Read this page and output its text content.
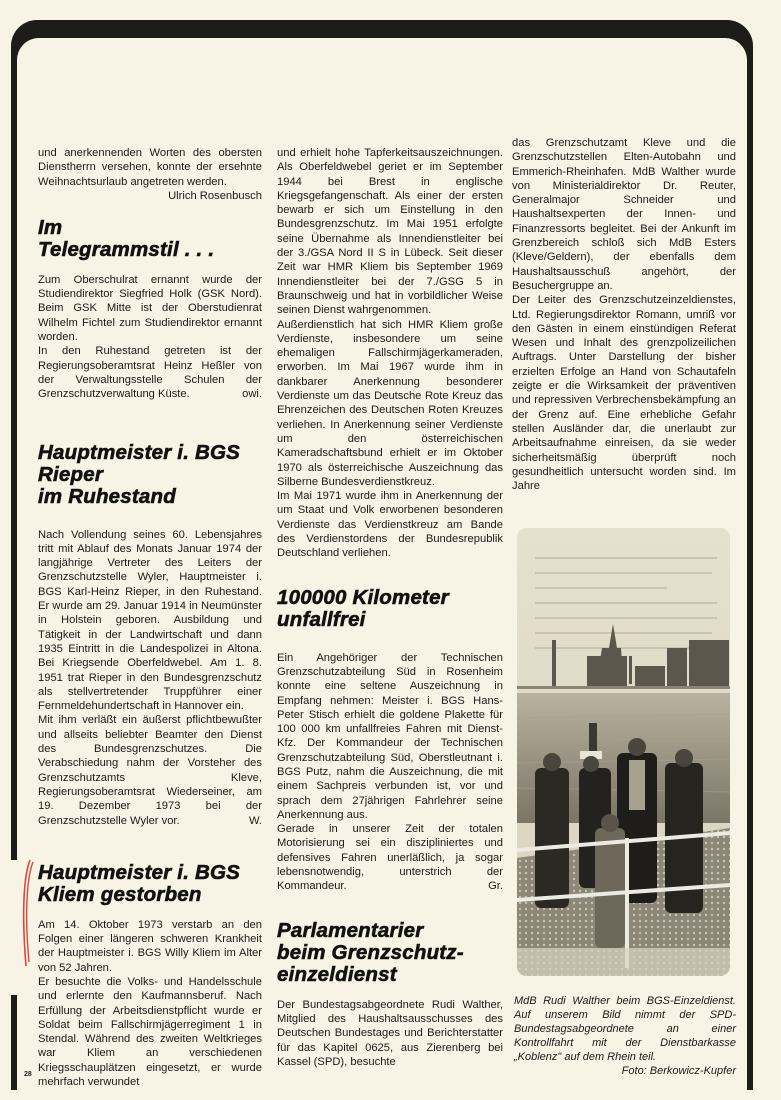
und anerkennenden Worten des obersten Dienstherrn versehen, konnte der ersehnte Weihnachtsurlaub angetreten werden.
Ulrich Rosenbusch

Im
Telegrammstil . . .

Zum Oberschulrat ernannt wurde der Studiendirektor Siegfried Holk (GSK Nord). Beim GSK Mitte ist der Oberstudienrat Wilhelm Fichtel zum Studiendirektor ernannt worden.

In den Ruhestand getreten ist der Regierungsoberamtsrat Heinz Heßler von der Verwaltungsstelle Schulen der Grenzschutzverwaltung Küste.	owi.

Hauptmeister i. BGS
Rieper
im Ruhestand

Nach Vollendung seines 60. Lebensjahres tritt mit Ablauf des Monats Januar 1974 der langjährige Vertreter des Leiters der Grenzschutzstelle Wyler, Hauptmeister i. BGS Karl-Heinz Rieper, in den Ruhestand. Er wurde am 29. Januar 1914 in Neumünster in Holstein geboren. Ausbildung und Tätigkeit in der Landwirtschaft und dann 1935 Eintritt in die Landespolizei in Altona. Bei Kriegsende Oberfeldwebel. Am 1. 8. 1951 trat Rieper in den Bundesgrenzschutz als stellvertretender Truppführer einer Fernmeldehundertschaft in Hannover ein.

Mit ihm verläßt ein äußerst pflichtbewußter und allseits beliebter Beamter den Dienst des Bundesgrenzschutzes. Die Verabschiedung nahm der Vorsteher des Grenzschutzamts Kleve, Regierungsoberamtsrat Wiederseiner, am 19. Dezember 1973 bei der Grenzschutzstelle Wyler vor.	W.

Hauptmeister i. BGS
Kliem gestorben

Am 14. Oktober 1973 verstarb an den Folgen einer längeren schweren Krankheit der Hauptmeister i. BGS Willy Kliem im Alter von 52 Jahren.

Er besuchte die Volks- und Handelsschule und erlernte den Kaufmannsberuf. Nach Erfüllung der Arbeitsdienstpflicht wurde er Soldat beim Fallschirmjägerregiment 1 in Stendal. Während des zweiten Weltkrieges war Kliem an verschiedenen Kriegsschauplätzen eingesetzt, er wurde mehrfach verwundet

28

und erhielt hohe Tapferkeitsauszeichnungen. Als Oberfeldwebel geriet er im September 1944 bei Brest in englische Kriegsgefangenschaft. Als einer der ersten bewarb er sich um Einstellung in den Bundesgrenzschutz. Im Mai 1951 erfolgte seine Übernahme als Innendienstleiter bei der 3./GSA Nord II S in Lübeck. Seit dieser Zeit war HMR Kliem bis September 1969 Innendienstleiter bei der 7./GSG 5 in Braunschweig und hat in vorbildlicher Weise seinen Dienst wahrgenommen.

Außerdienstlich hat sich HMR Kliem große Verdienste, insbesondere um seine ehemaligen Fallschirmjägerkameraden, erworben. Im Mai 1967 wurde ihm in dankbarer Anerkennung besonderer Verdienste um das Deutsche Rote Kreuz das Ehrenzeichen des Deutschen Roten Kreuzes verliehen. In Anerkennung seiner Verdienste um den österreichischen Kameradschaftsbund erhielt er im Oktober 1970 als österreichische Auszeichnung das Silberne Bundesverdienstkreuz.

Im Mai 1971 wurde ihm in Anerkennung der um Staat und Volk erworbenen besonderen Verdienste das Verdienstkreuz am Bande des Verdienstordens der Bundesrepublik Deutschland verliehen.

100000 Kilometer
unfallfrei

Ein Angehöriger der Technischen Grenzschutzabteilung Süd in Rosenheim konnte eine seltene Auszeichnung in Empfang nehmen: Meister i. BGS Hans-Peter Stisch erhielt die goldene Plakette für 100 000 km unfallfreies Fahren mit Dienst-Kfz. Der Kommandeur der Technischen Grenzschutzabteilung Süd, Oberstleutnant i. BGS Putz, nahm die Auszeichnung, die mit einem Sachpreis verbunden ist, vor und sprach dem 27jährigen Fahrlehrer seine Anerkennung aus.

Gerade in unserer Zeit der totalen Motorisierung sei ein diszipliniertes und defensives Fahren unerläßlich, ja sogar lebensnotwendig, unterstrich der Kommandeur.	Gr.

Parlamentarier
beim Grenzschutz-
einzeldienst

Der Bundestagsabgeordnete Rudi Walther, Mitglied des Haushaltsausschusses des Deutschen Bundestages und Berichterstatter für das Kapitel 0625, aus Zierenberg bei Kassel (SPD), besuchte

das Grenzschutzamt Kleve und die Grenzschutzstellen Elten-Autobahn und Emmerich-Rheinhafen. MdB Walther wurde von Ministerialdirektor Dr. Reuter, Generalmajor Schneider und Haushaltsexperten der Innen- und Finanzressorts begleitet. Bei der Ankunft im Grenzbereich schloß sich MdB Esters (Kleve/Geldern), der ebenfalls dem Haushaltsausschuß angehört, der Besuchergruppe an.

Der Leiter des Grenzschutzeinzeldienstes, Ltd. Regierungsdirektor Romann, umriß vor den Gästen in einem einstündigen Referat Wesen und Inhalt des grenzpolizeilichen Auftrags. Unter Darstellung der bisher erzielten Erfolge an Hand von Schautafeln zeigte er die Wirksamkeit der präventiven und repressiven Verbrechensbekämpfung an der Grenz auf. Eine erhebliche Gefahr stellen Ausländer dar, die unerlaubt zur Arbeitsaufnahme einreisen, da sie weder sicherheitsmäßig überprüft noch gesundheitlich untersucht worden sind. Im Jahre

MdB Rudi Walther beim BGS-Einzeldienst. Auf unserem Bild nimmt der SPD-Bundestagsabgeordnete an einer Kontrollfahrt mit der Dienstbarkasse „Koblenz" auf dem Rhein teil.
Foto: Berkowicz-Kupfer
